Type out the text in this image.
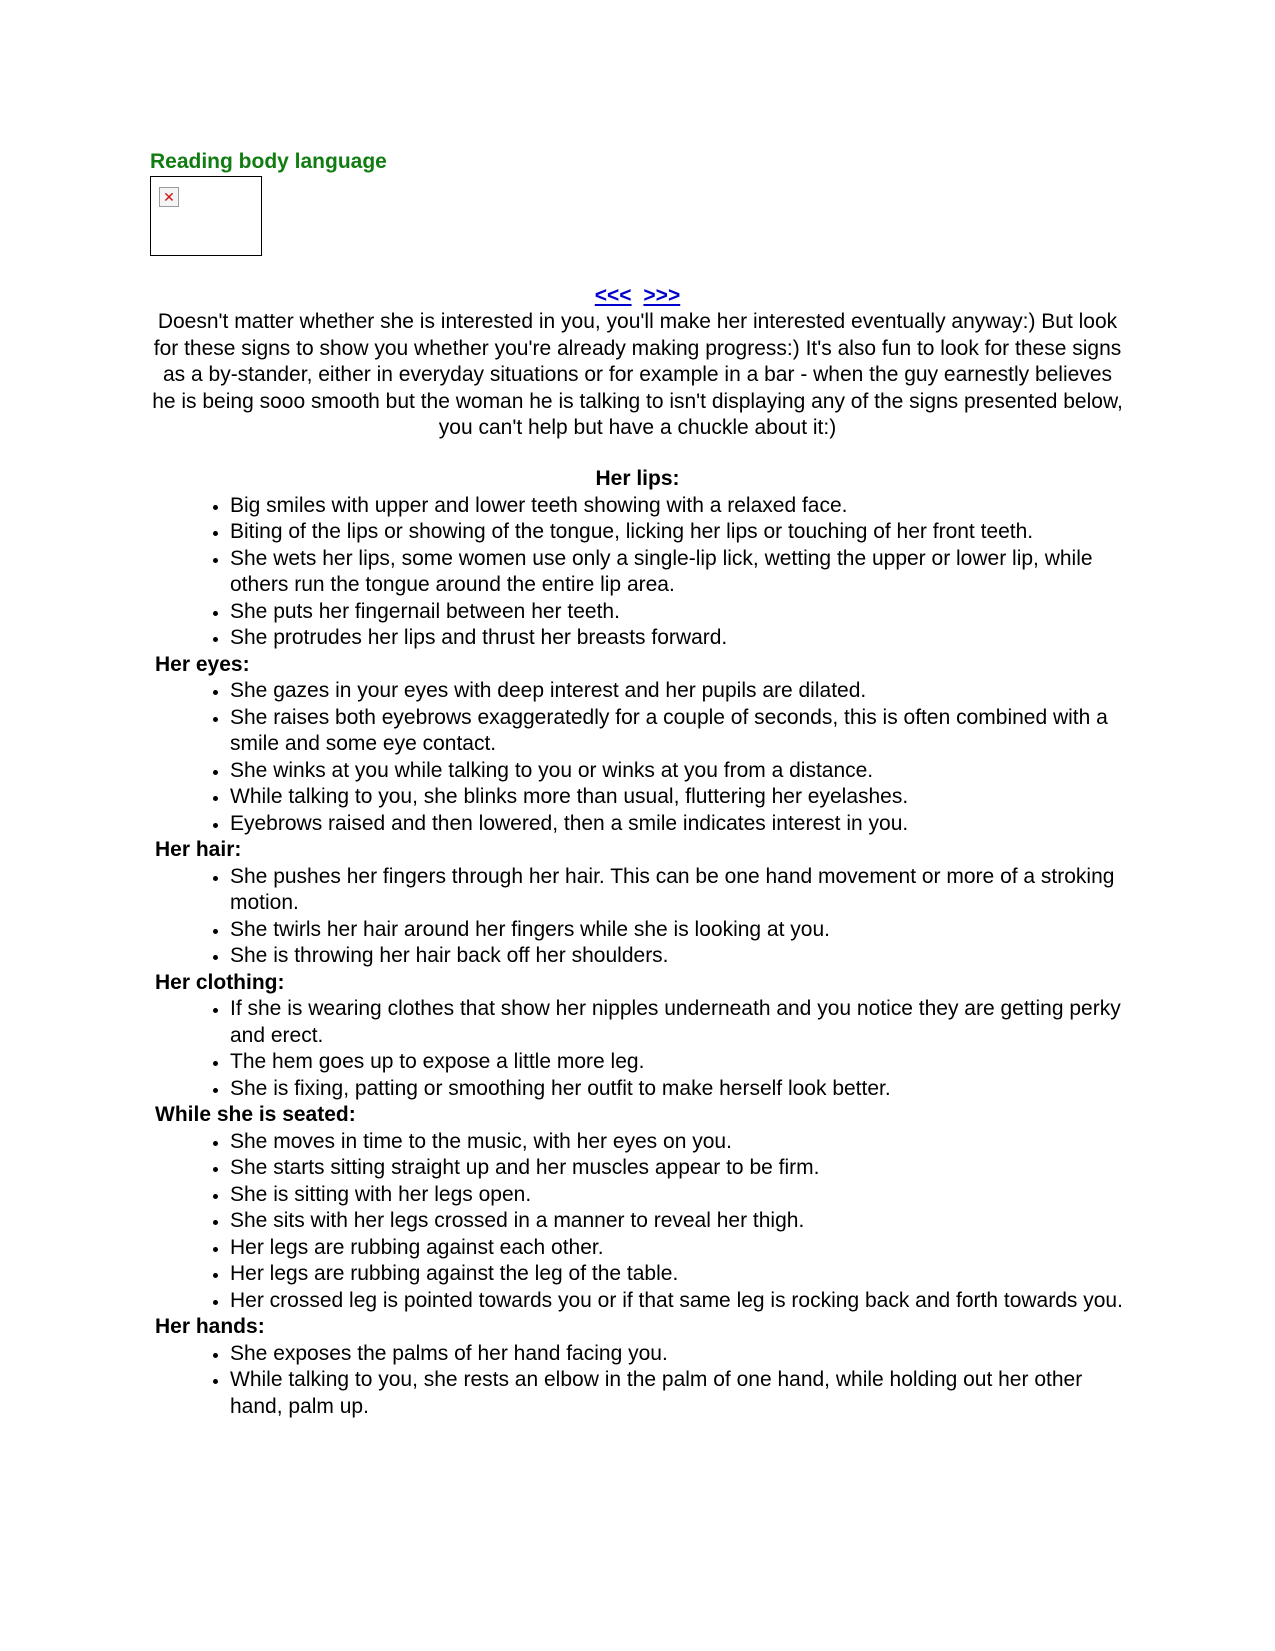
Reading body language
✕
<<< >>>

Doesn't matter whether she is interested in you, you'll make her interested eventually anyway:) But look for these signs to show you whether you're already making progress:) It's also fun to look for these signs as a by-stander, either in everyday situations or for example in a bar - when the guy earnestly believes he is being sooo smooth but the woman he is talking to isn't displaying any of the signs presented below, you can't help but have a chuckle about it:)

Her lips:
• Big smiles with upper and lower teeth showing with a relaxed face.
• Biting of the lips or showing of the tongue, licking her lips or touching of her front teeth.
• She wets her lips, some women use only a single-lip lick, wetting the upper or lower lip, while others run the tongue around the entire lip area.
• She puts her fingernail between her teeth.
• She protrudes her lips and thrust her breasts forward.
Her eyes:
• She gazes in your eyes with deep interest and her pupils are dilated.
• She raises both eyebrows exaggeratedly for a couple of seconds, this is often combined with a smile and some eye contact.
• She winks at you while talking to you or winks at you from a distance.
• While talking to you, she blinks more than usual, fluttering her eyelashes.
• Eyebrows raised and then lowered, then a smile indicates interest in you.
Her hair:
• She pushes her fingers through her hair. This can be one hand movement or more of a stroking motion.
• She twirls her hair around her fingers while she is looking at you.
• She is throwing her hair back off her shoulders.
Her clothing:
• If she is wearing clothes that show her nipples underneath and you notice they are getting perky and erect.
• The hem goes up to expose a little more leg.
• She is fixing, patting or smoothing her outfit to make herself look better.
While she is seated:
• She moves in time to the music, with her eyes on you.
• She starts sitting straight up and her muscles appear to be firm.
• She is sitting with her legs open.
• She sits with her legs crossed in a manner to reveal her thigh.
• Her legs are rubbing against each other.
• Her legs are rubbing against the leg of the table.
• Her crossed leg is pointed towards you or if that same leg is rocking back and forth towards you.
Her hands:
• She exposes the palms of her hand facing you.
• While talking to you, she rests an elbow in the palm of one hand, while holding out her other hand, palm up.
